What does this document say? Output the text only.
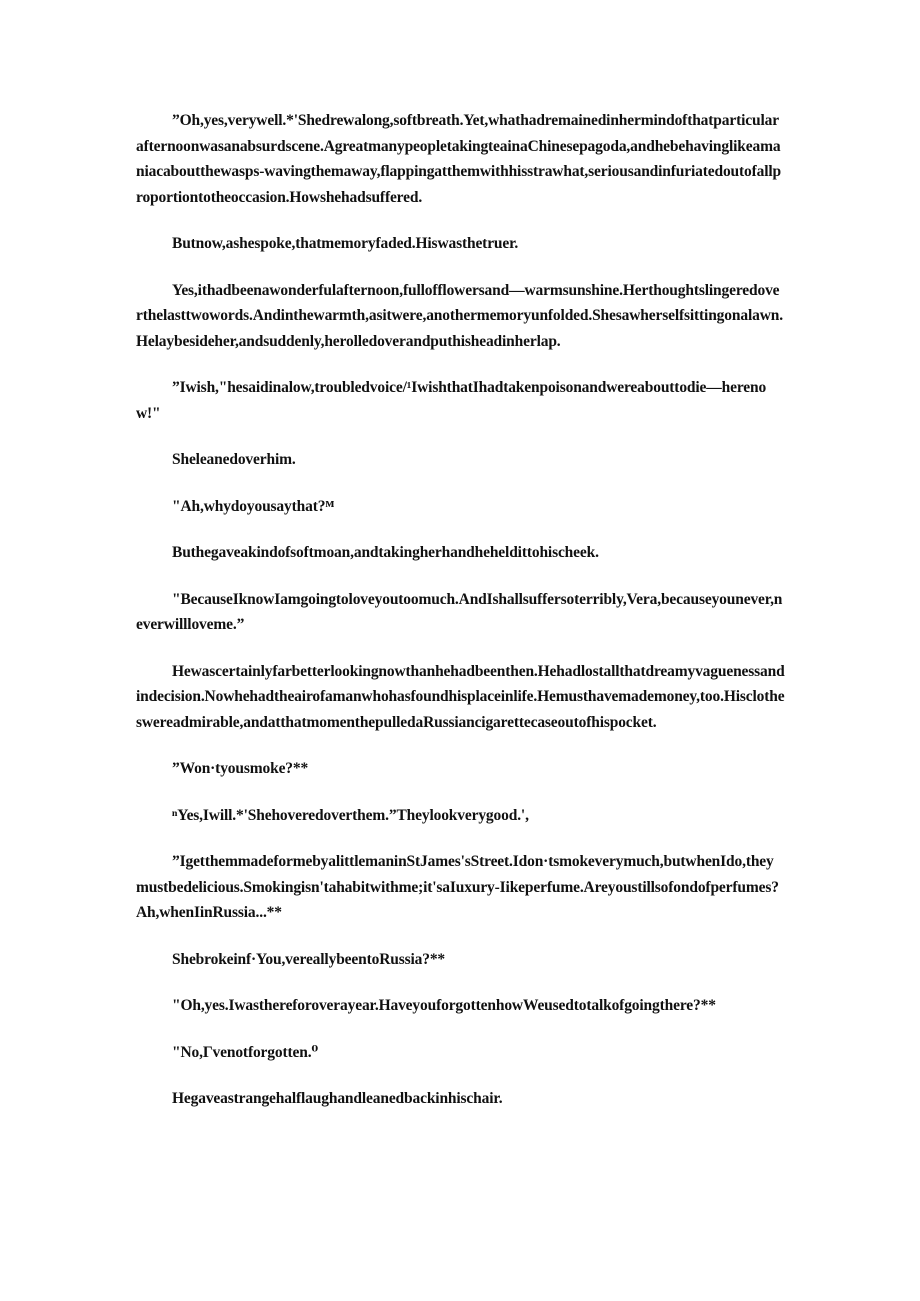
”Oh,yes,verywell.*'Shedrewalong,softbreath.Yet,whathadremainedinhermindofthatparticularafternoonwasanabsurdscene.AgreatmanypeopletakingteainaChinesepagoda,andhebehavinglikeamaniacaboutthewasps-wavingthemaway,flappingatthemwithhisstrawhat,seriousandinfuriatedoutofallproportiontotheoccasion.Howshehadsuffered.

Butnow,ashespoke,thatmemoryfaded.Hiswasthetruer.

Yes,ithadbeenawonderfulafternoon,fullofflowersand—warmsunshine.Herthoughtslingeredoverthelasttwowords.Andinthewarmth,asitwere,anothermemoryunfolded.Shesawherselfsittingonalawn.Helaybesideher,andsuddenly,herolledoverandputhisheadinherlap.

”Iwish,"hesaidinalow,troubledvoice/¹IwishthatIhadtakenpoisonandwereabouttodie—herenow!"

Sheleanedoverhim.

"Ah,whydoyousaythat?ᴹ

Buthegaveakindofsoftmoan,andtakingherhandheheldittohischeek.

"BecauseIknowIamgoingtoloveyoutoomuch.AndIshallsuffersoterribly,Vera,becauseyounever,neverwillloveme.”

Hewascertainlyfarbetterlookingnowthanhehadbeenthen.Hehadlostallthatdreamyvagueness​andindecision.Nowhehadtheairofamanwhohasfoundhisplaceinlife.Hemusthavemademoney,too.Hisclotheswereadmirable,andatthatmomenthepulledaRussiancigarettecaseoutofhispocket.

”Won·tyousmoke?**

ⁿYes,Iwill.*'Shehoveredoverthem.”Theylookverygood.',

”IgetthemmadeformebyalittlemaninStJames'sStreet.Idon·tsmokeverymuch,butwhenIdo,theymustbedelicious.Smokingisn'tahabitwithme;it'saIuxury-Iikeperfume.Areyoustillsofondofperfumes?Ah,whenIinRussia...**

Shebrokeinf·You,vereallybeentoRussia?**

"Oh,yes.Iwasthereforoverayear.HaveyouforgottenhowWeusedtotalkofgoingthere?**

"No,Γvenotforgotten.⁰

Hegaveastrangehalflaughandleanedbackinhischair.
